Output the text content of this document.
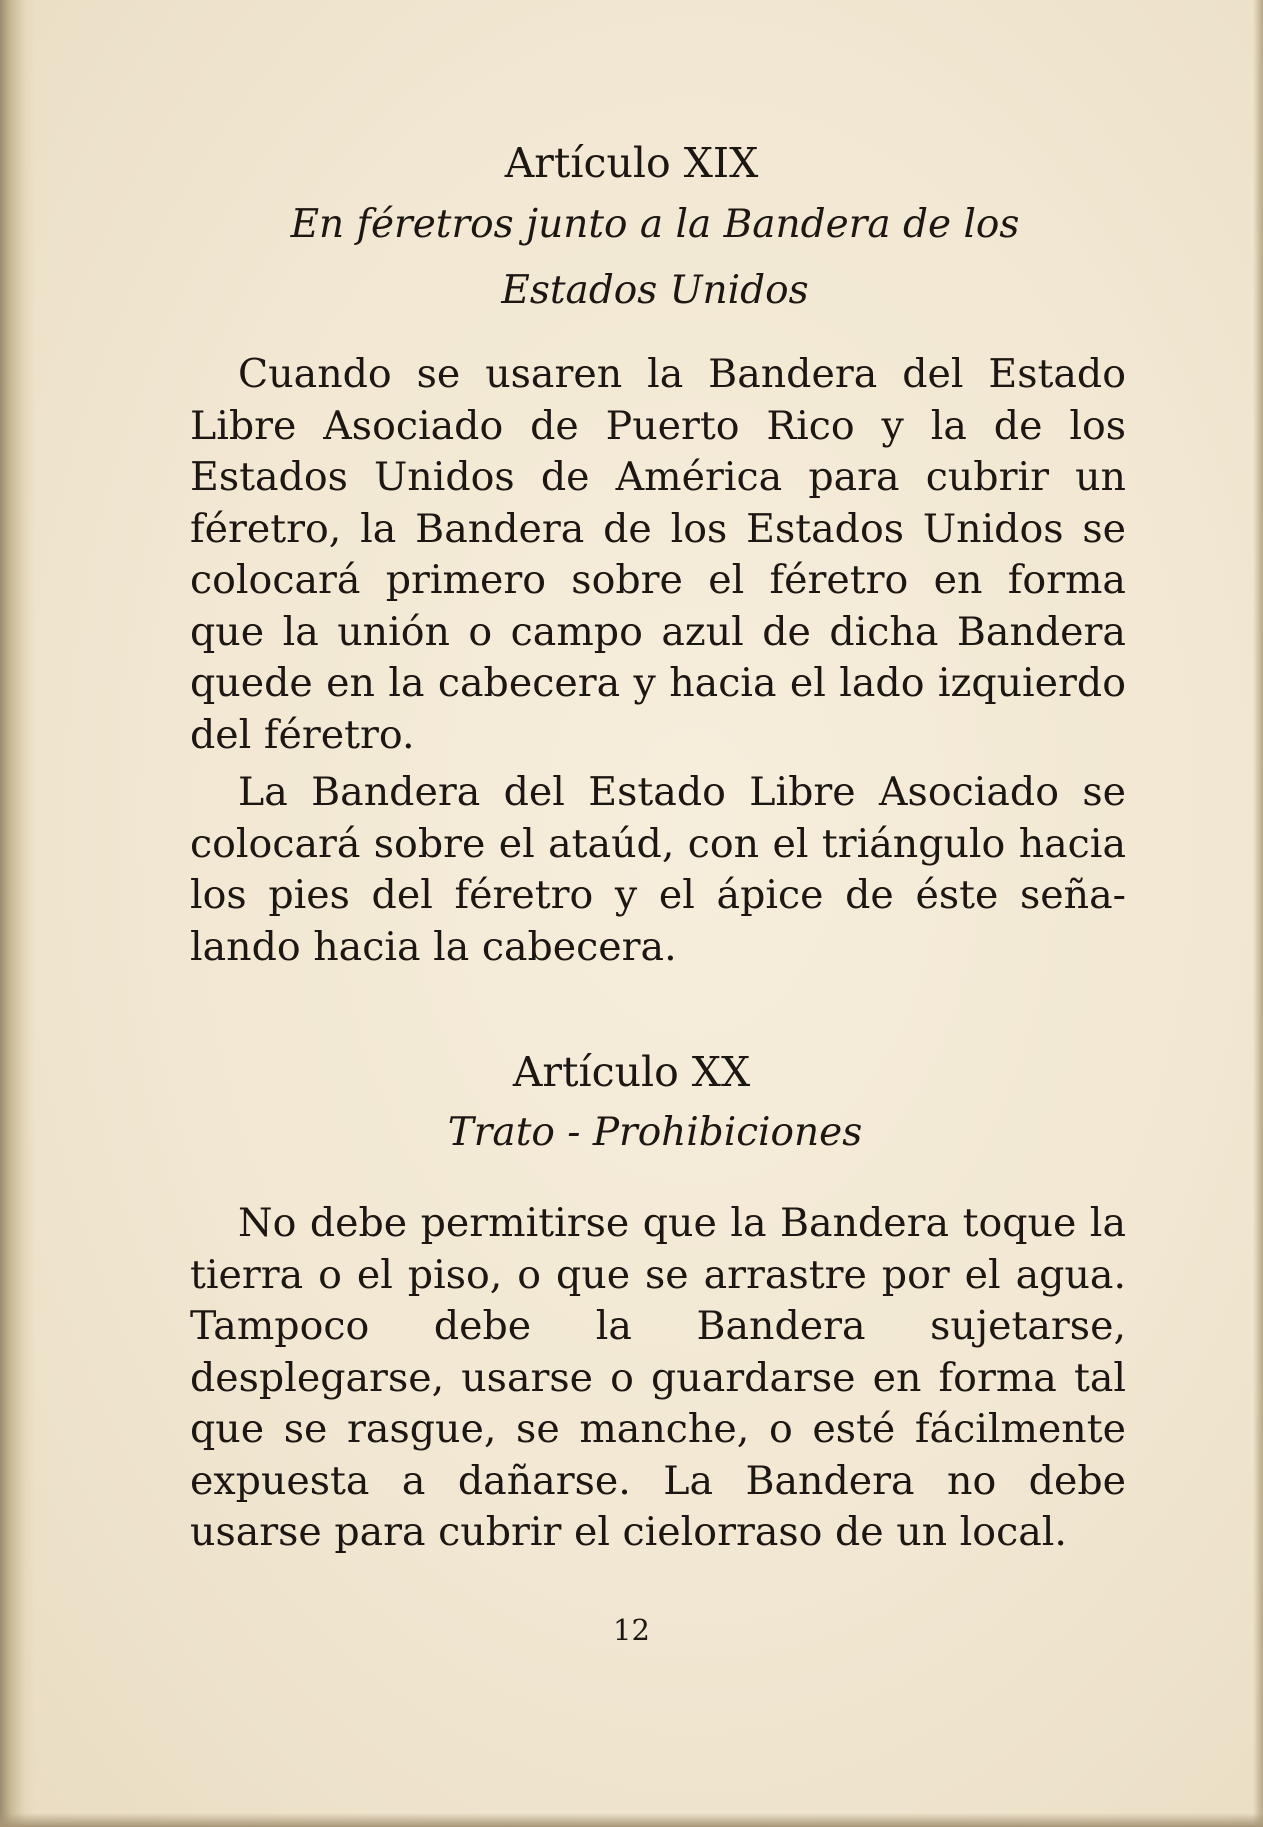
Artículo XIX

En féretros junto a la Bandera de los Estados Unidos

Cuando se usaren la Bandera del Estado Libre Asociado de Puerto Rico y la de los Estados Unidos de América para cubrir un féretro, la Bandera de los Estados Unidos se colocará primero sobre el féretro en forma que la unión o campo azul de dicha Bandera quede en la cabecera y hacia el lado izquierdo del féretro.

La Bandera del Estado Libre Asociado se colocará sobre el ataúd, con el triángulo hacia los pies del féretro y el ápice de éste señalando hacia la cabecera.

Artículo XX

Trato - Prohibiciones

No debe permitirse que la Bandera toque la tierra o el piso, o que se arrastre por el agua. Tampoco debe la Bandera sujetarse, desplegarse, usarse o guardarse en forma tal que se rasgue, se manche, o esté fácilmente expuesta a dañarse. La Bandera no debe usarse para cubrir el cielorraso de un local.

12
